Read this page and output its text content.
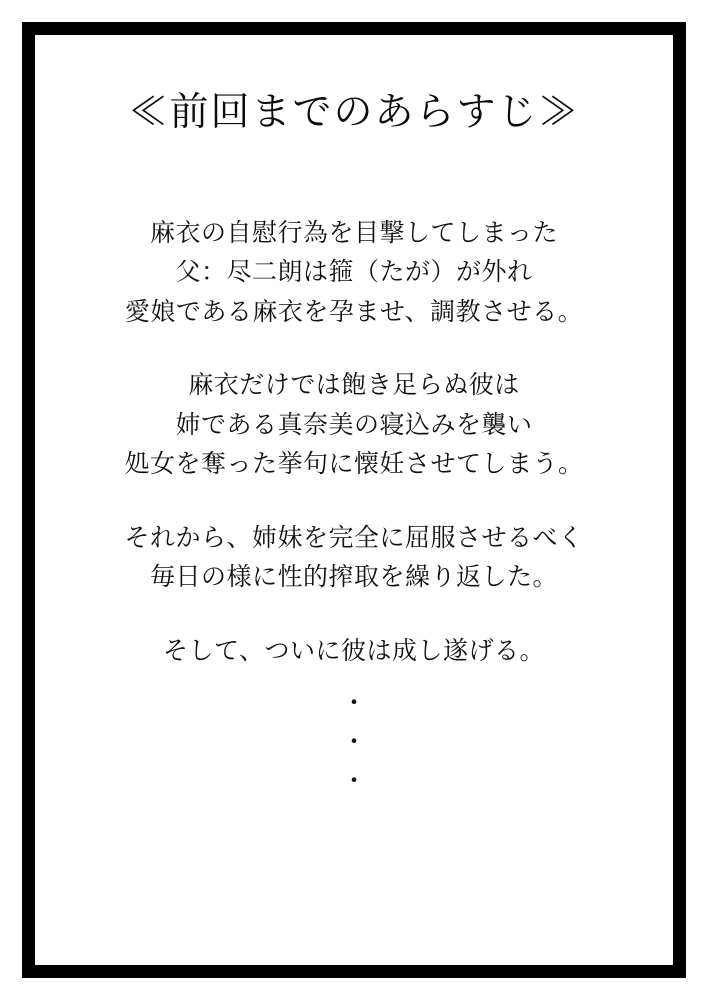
≪前回までのあらすじ≫
麻衣の自慰行為を目撃してしまった
父：尽二朗は箍（たが）が外れ
愛娘である麻衣を孕ませ、調教させる。
麻衣だけでは飽き足らぬ彼は
姉である真奈美の寝込みを襲い
処女を奪った挙句に懐妊させてしまう。
それから、姉妹を完全に屈服させるべく
毎日の様に性的搾取を繰り返した。
そして、ついに彼は成し遂げる。
・
・
・
